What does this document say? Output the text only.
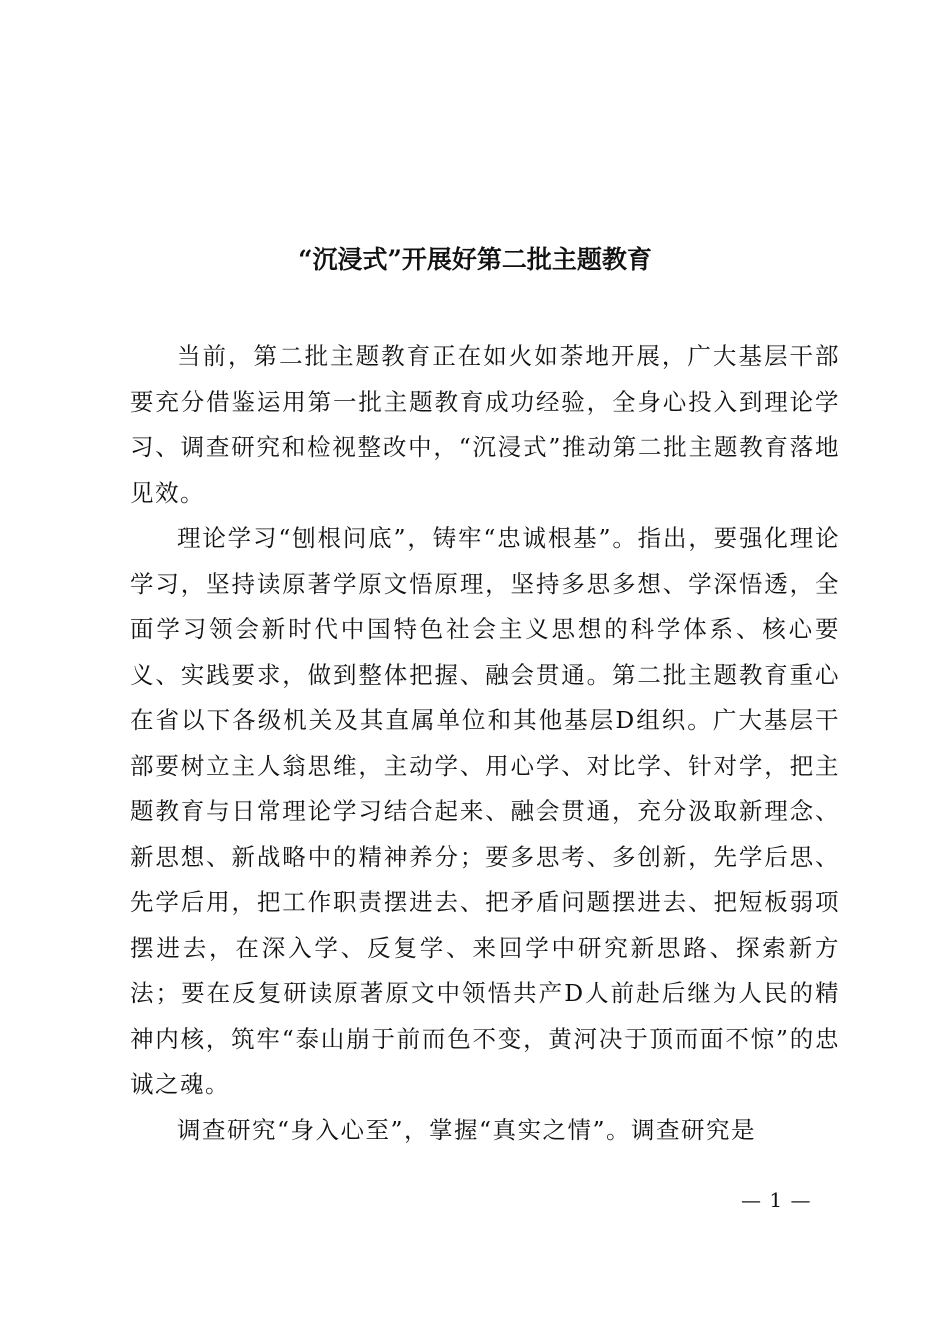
“沉浸式”开展好第二批主题教育

当前，第二批主题教育正在如火如荼地开展，广大基层干部要充分借鉴运用第一批主题教育成功经验，全身心投入到理论学习、调查研究和检视整改中，“沉浸式”推动第二批主题教育落地见效。

理论学习“刨根问底”，铸牢“忠诚根基”。指出，要强化理论学习，坚持读原著学原文悟原理，坚持多思多想、学深悟透，全面学习领会新时代中国特色社会主义思想的科学体系、核心要义、实践要求，做到整体把握、融会贯通。第二批主题教育重心在省以下各级机关及其直属单位和其他基层D组织。广大基层干部要树立主人翁思维，主动学、用心学、对比学、针对学，把主题教育与日常理论学习结合起来、融会贯通，充分汲取新理念、新思想、新战略中的精神养分；要多思考、多创新，先学后思、先学后用，把工作职责摆进去、把矛盾问题摆进去、把短板弱项摆进去，在深入学、反复学、来回学中研究新思路、探索新方法；要在反复研读原著原文中领悟共产D人前赴后继为人民的精神内核，筑牢“泰山崩于前而色不变，黄河决于顶而面不惊”的忠诚之魂。

调查研究“身入心至”，掌握“真实之情”。调查研究是

— 1 —
